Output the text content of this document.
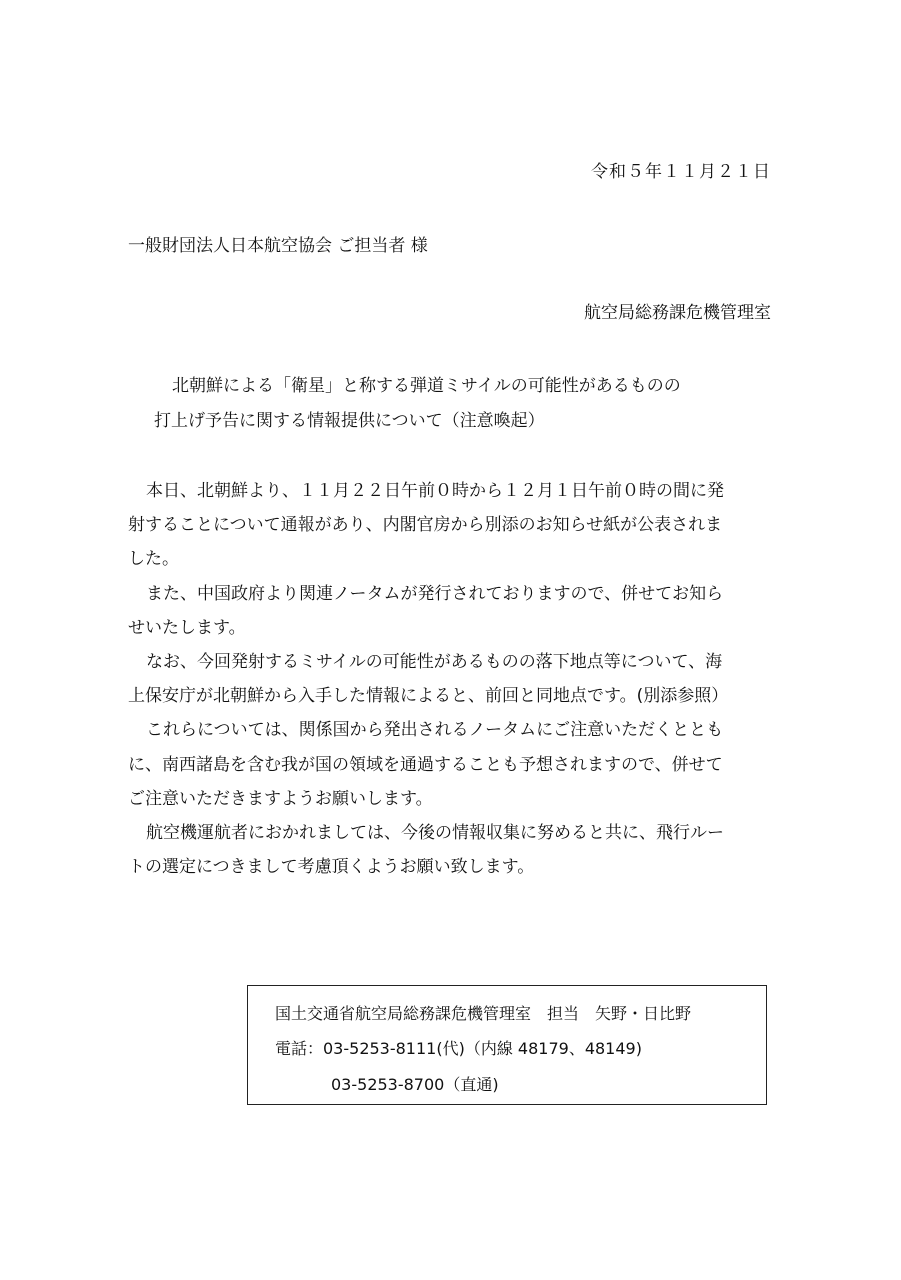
令和５年１１月２１日
一般財団法人日本航空協会 ご担当者 様
航空局総務課危機管理室
北朝鮮による「衛星」と称する弾道ミサイルの可能性があるものの
打上げ予告に関する情報提供について（注意喚起）
本日、北朝鮮より、１１月２２日午前０時から１２月１日午前０時の間に発
射することについて通報があり、内閣官房から別添のお知らせ紙が公表されま
した。
また、中国政府より関連ノータムが発行されておりますので、併せてお知ら
せいたします。
なお、今回発射するミサイルの可能性があるものの落下地点等について、海
上保安庁が北朝鮮から入手した情報によると、前回と同地点です。(別添参照）
これらについては、関係国から発出されるノータムにご注意いただくととも
に、南西諸島を含む我が国の領域を通過することも予想されますので、併せて
ご注意いただきますようお願いします。
航空機運航者におかれましては、今後の情報収集に努めると共に、飛行ルー
トの選定につきまして考慮頂くようお願い致します。
国土交通省航空局総務課危機管理室　担当　矢野・日比野
電話：03-5253-8111(代)（内線 48179、48149)
03-5253-8700（直通)
